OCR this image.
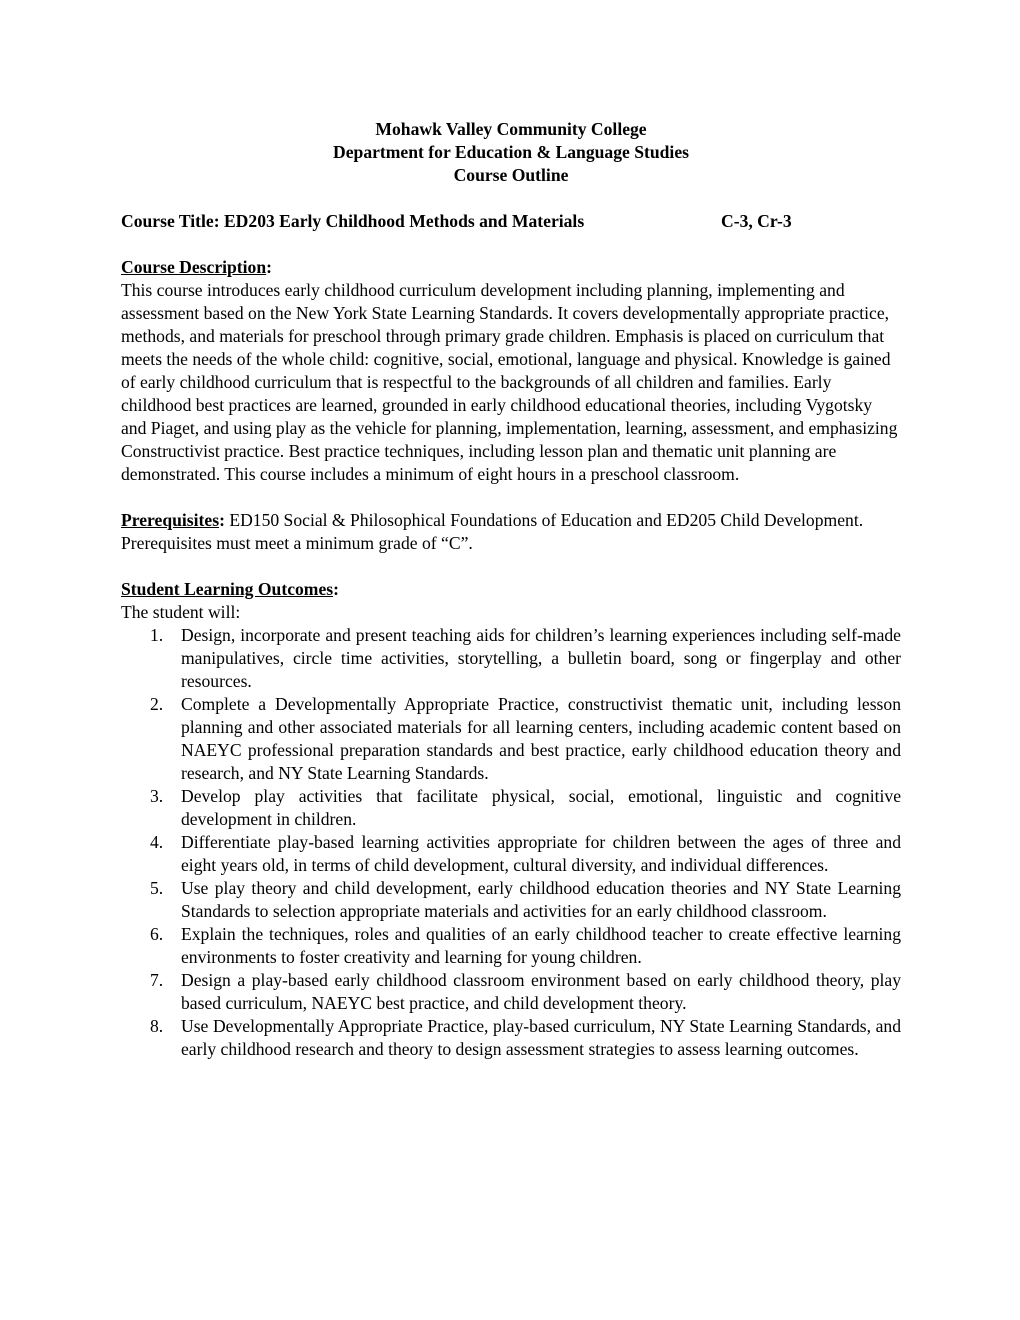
Mohawk Valley Community College
Department for Education & Language Studies
Course Outline
Course Title: ED203 Early Childhood Methods and Materials	C-3, Cr-3
Course Description:

This course introduces early childhood curriculum development including planning, implementing and assessment based on the New York State Learning Standards. It covers developmentally appropriate practice, methods, and materials for preschool through primary grade children. Emphasis is placed on curriculum that meets the needs of the whole child: cognitive, social, emotional, language and physical. Knowledge is gained of early childhood curriculum that is respectful to the backgrounds of all children and families. Early childhood best practices are learned, grounded in early childhood educational theories, including Vygotsky and Piaget, and using play as the vehicle for planning, implementation, learning, assessment, and emphasizing Constructivist practice. Best practice techniques, including lesson plan and thematic unit planning are demonstrated. This course includes a minimum of eight hours in a preschool classroom.

Prerequisites: ED150 Social & Philosophical Foundations of Education and ED205 Child Development. Prerequisites must meet a minimum grade of “C”.

Student Learning Outcomes:

The student will:

1.	Design, incorporate and present teaching aids for children’s learning experiences including self-made manipulatives, circle time activities, storytelling, a bulletin board, song or fingerplay and other resources.
2.	Complete a Developmentally Appropriate Practice, constructivist thematic unit, including lesson planning and other associated materials for all learning centers, including academic content based on NAEYC professional preparation standards and best practice, early childhood education theory and research, and NY State Learning Standards.
3.	Develop play activities that facilitate physical, social, emotional, linguistic and cognitive development in children.
4.	Differentiate play-based learning activities appropriate for children between the ages of three and eight years old, in terms of child development, cultural diversity, and individual differences.
5.	Use play theory and child development, early childhood education theories and NY State Learning Standards to selection appropriate materials and activities for an early childhood classroom.
6.	Explain the techniques, roles and qualities of an early childhood teacher to create effective learning environments to foster creativity and learning for young children.
7.	Design a play-based early childhood classroom environment based on early childhood theory, play based curriculum, NAEYC best practice, and child development theory.
8.	Use Developmentally Appropriate Practice, play-based curriculum, NY State Learning Standards, and early childhood research and theory to design assessment strategies to assess learning outcomes.
